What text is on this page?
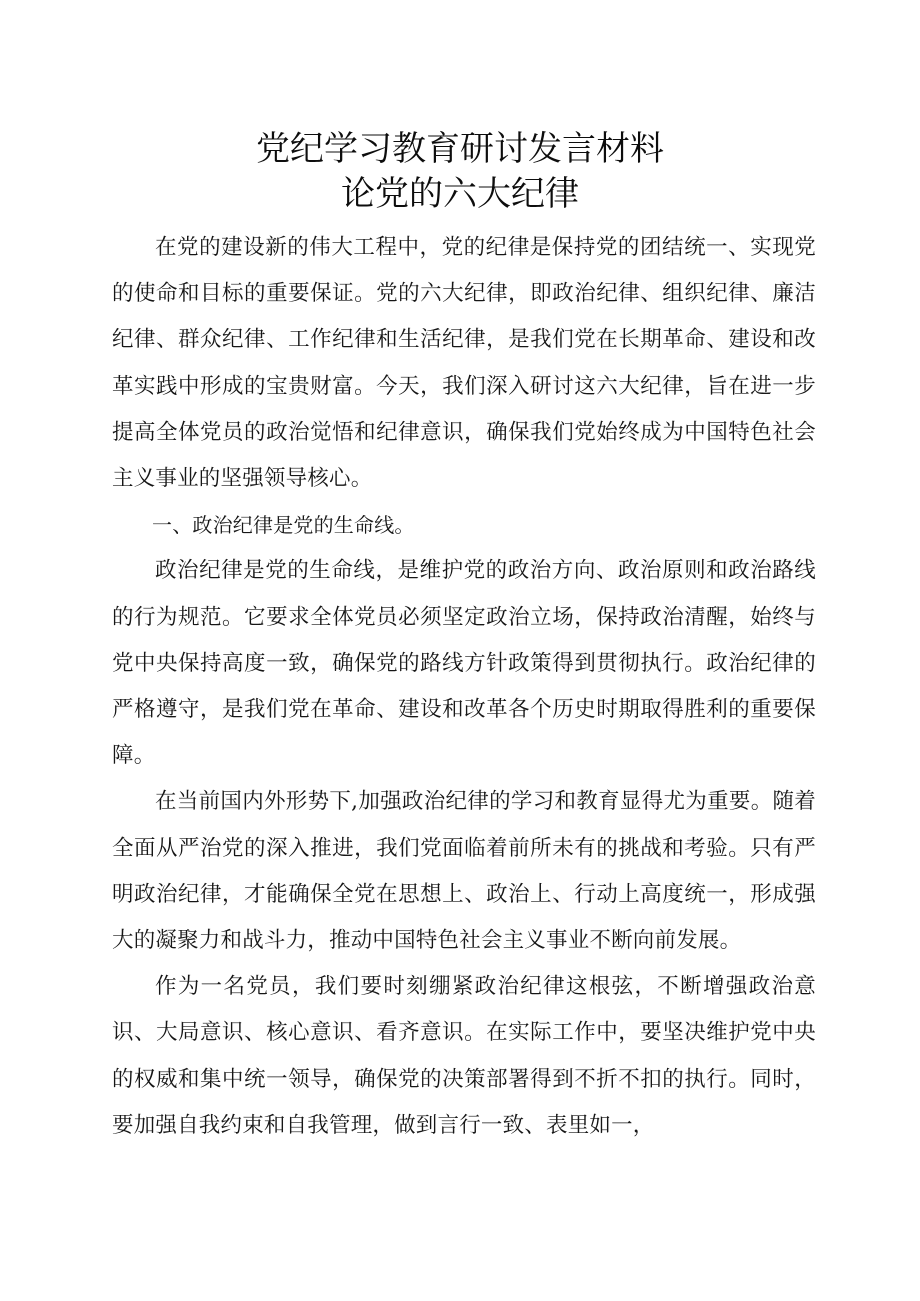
党纪学习教育研讨发言材料
论党的六大纪律

在党的建设新的伟大工程中，党的纪律是保持党的团结统一、实现党的使命和目标的重要保证。党的六大纪律，即政治纪律、组织纪律、廉洁纪律、群众纪律、工作纪律和生活纪律，是我们党在长期革命、建设和改革实践中形成的宝贵财富。今天，我们深入研讨这六大纪律，旨在进一步提高全体党员的政治觉悟和纪律意识，确保我们党始终成为中国特色社会主义事业的坚强领导核心。

一、政治纪律是党的生命线。

政治纪律是党的生命线，是维护党的政治方向、政治原则和政治路线的行为规范。它要求全体党员必须坚定政治立场，保持政治清醒，始终与党中央保持高度一致，确保党的路线方针政策得到贯彻执行。政治纪律的严格遵守，是我们党在革命、建设和改革各个历史时期取得胜利的重要保障。

在当前国内外形势下,加强政治纪律的学习和教育显得尤为重要。随着全面从严治党的深入推进，我们党面临着前所未有的挑战和考验。只有严明政治纪律，才能确保全党在思想上、政治上、行动上高度统一，形成强大的凝聚力和战斗力，推动中国特色社会主义事业不断向前发展。

作为一名党员，我们要时刻绷紧政治纪律这根弦，不断增强政治意识、大局意识、核心意识、看齐意识。在实际工作中，要坚决维护党中央的权威和集中统一领导，确保党的决策部署得到不折不扣的执行。同时，要加强自我约束和自我管理，做到言行一致、表里如一，
